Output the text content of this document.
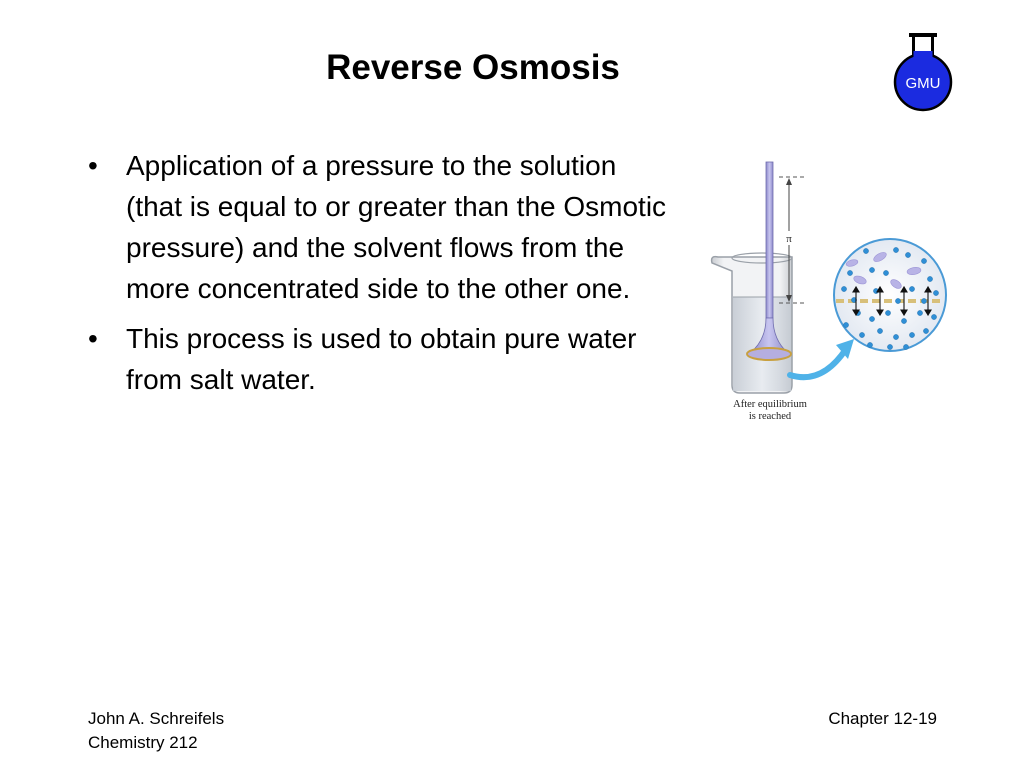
Reverse Osmosis	GMU
• Application of a pressure to the solution (that is equal to or greater than the Osmotic pressure) and the solvent flows from the more concentrated side to the other one.
• This process is used to obtain pure water from salt water.
π
After equilibrium
is reached
John A. Schreifels
Chemistry 212
Chapter 12-19
